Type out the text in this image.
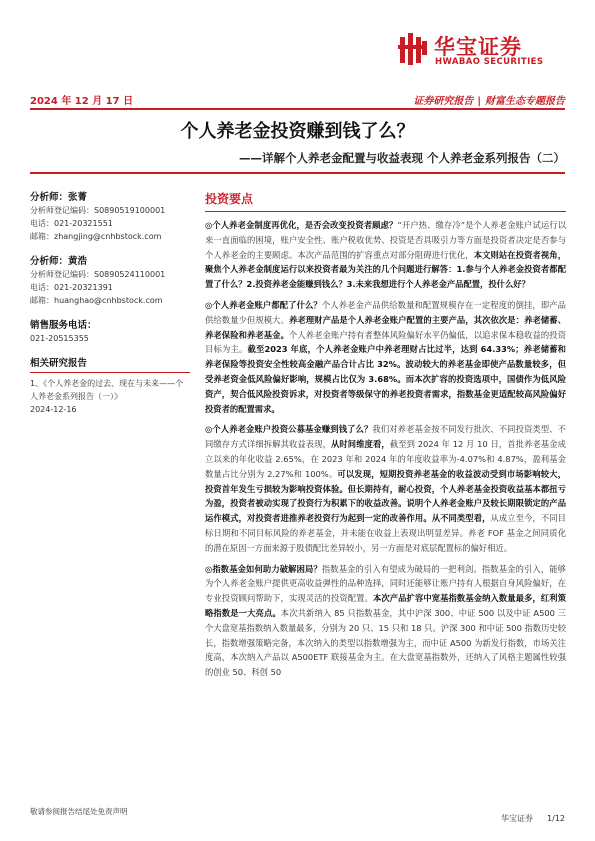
华宝证券
HWABAO SECURITIES
2024 年 12 月 17 日	证券研究报告 | 财富生态专题报告
个人养老金投资赚到钱了么？
——详解个人养老金配置与收益表现 个人养老金系列报告（二）
分析师：张菁
分析师登记编码：S0890519100001
电话：021-20321551
邮箱：zhangjing@cnhbstock.com
分析师：黄浩
分析师登记编码：S0890524110001
电话：021-20321391
邮箱：huanghao@cnhbstock.com
销售服务电话：
021-20515355
相关研究报告
1、《个人养老金的过去、现在与未来——个人养老金系列报告（一）》
2024-12-16
投资要点

◎个人养老金制度再优化，是否会改变投资者顾虑？“开户热、缴存冷”是个人养老金账户试运行以来一直面临的困境，账户安全性、账户税收优势、投资是否具吸引力等方面是投资者决定是否参与个人养老金的主要顾虑。本次产品范围的扩容重点对部分阻碍进行优化，本文则站在投资者视角，聚焦个人养老金制度运行以来投资者最为关注的几个问题进行解答：1.参与个人养老金投资者都配置了什么？2.投资养老金能赚到钱么？3.未来我想进行个人养老金产品配置，投什么好？

◎个人养老金账户都配了什么？个人养老金产品供给数量和配置规模存在一定程度的倒挂，即产品供给数量少但规模大。养老理财产品是个人养老金账户配置的主要产品，其次依次是：养老储蓄、养老保险和养老基金。个人养老金账户持有者整体风险偏好水平仍偏低，以追求保本稳收益的投资目标为主。截至2023 年底，个人养老金账户中养老理财占比过半，达到 64.33%；养老储蓄和养老保险等投资安全性较高金融产品合计占比 32%。波动较大的养老基金即使产品数量较多，但受养老资金低风险偏好影响，规模占比仅为 3.68%。而本次扩容的投资选项中，国债作为低风险资产，契合低风险投资诉求，对投资者等级保守的养老投资者需求，指数基金更适配较高风险偏好投资者的配置需求。

◎个人养老金账户投资公募基金赚到钱了么？我们对养老基金按不同发行批次、不同投资类型、不同缴存方式详细拆解其收益表现，从时间维度看，截至到 2024 年 12 月 10 日，首批养老基金成立以来的年化收益 2.65%，在 2023 年和 2024 年的年度收益率为-4.07%和 4.87%，盈利基金数量占比分别为 2.27%和 100%。可以发现，短期投资养老基金的收益波动受到市场影响较大，投资首年发生亏损较为影响投资体验。但长期持有，耐心投资，个人养老基金投资收益基本都扭亏为盈，投资者被动实现了投资行为积累下的收益改善。说明个人养老金账户及较长期限锁定的产品运作模式，对投资者进推养老投资行为起到一定的改善作用。从不同类型看，从成立至今，不同目标日期和不同目标风险的养老基金，并未能在收益上表现出明显差异。养老 FOF 基金之间同质化的潜在原因一方面来源于股债配比差异较小，另一方面是对底层配置标的偏好相近。

◎指数基金如何助力破解困局？指数基金的引入有望成为破局的一把利剑。指数基金的引入，能够为个人养老金账户提供更高收益弹性的品种选择，同时还能够让账户持有人根据自身风险偏好，在专业投资顾问帮助下，实现灵活的投资配置。本次产品扩容中宽基指数基金纳入数量最多，红利策略指数是一大亮点。本次共新纳入 85 只指数基金，其中沪深 300、中证 500 以及中证 A500 三个大盘宽基指数纳入数量最多，分别为 20 只、15 只和 18 只。沪深 300 和中证 500 指数历史较长，指数增强策略完备，本次纳入的类型以指数增强为主，而中证 A500 为新发行指数，市场关注度高，本次纳入产品以 A500ETF 联接基金为主。在大盘宽基指数外，还纳入了风格主题属性较强的创业 50、科创 50

敬请参阅报告结尾处免责声明
华宝证券 1/12
